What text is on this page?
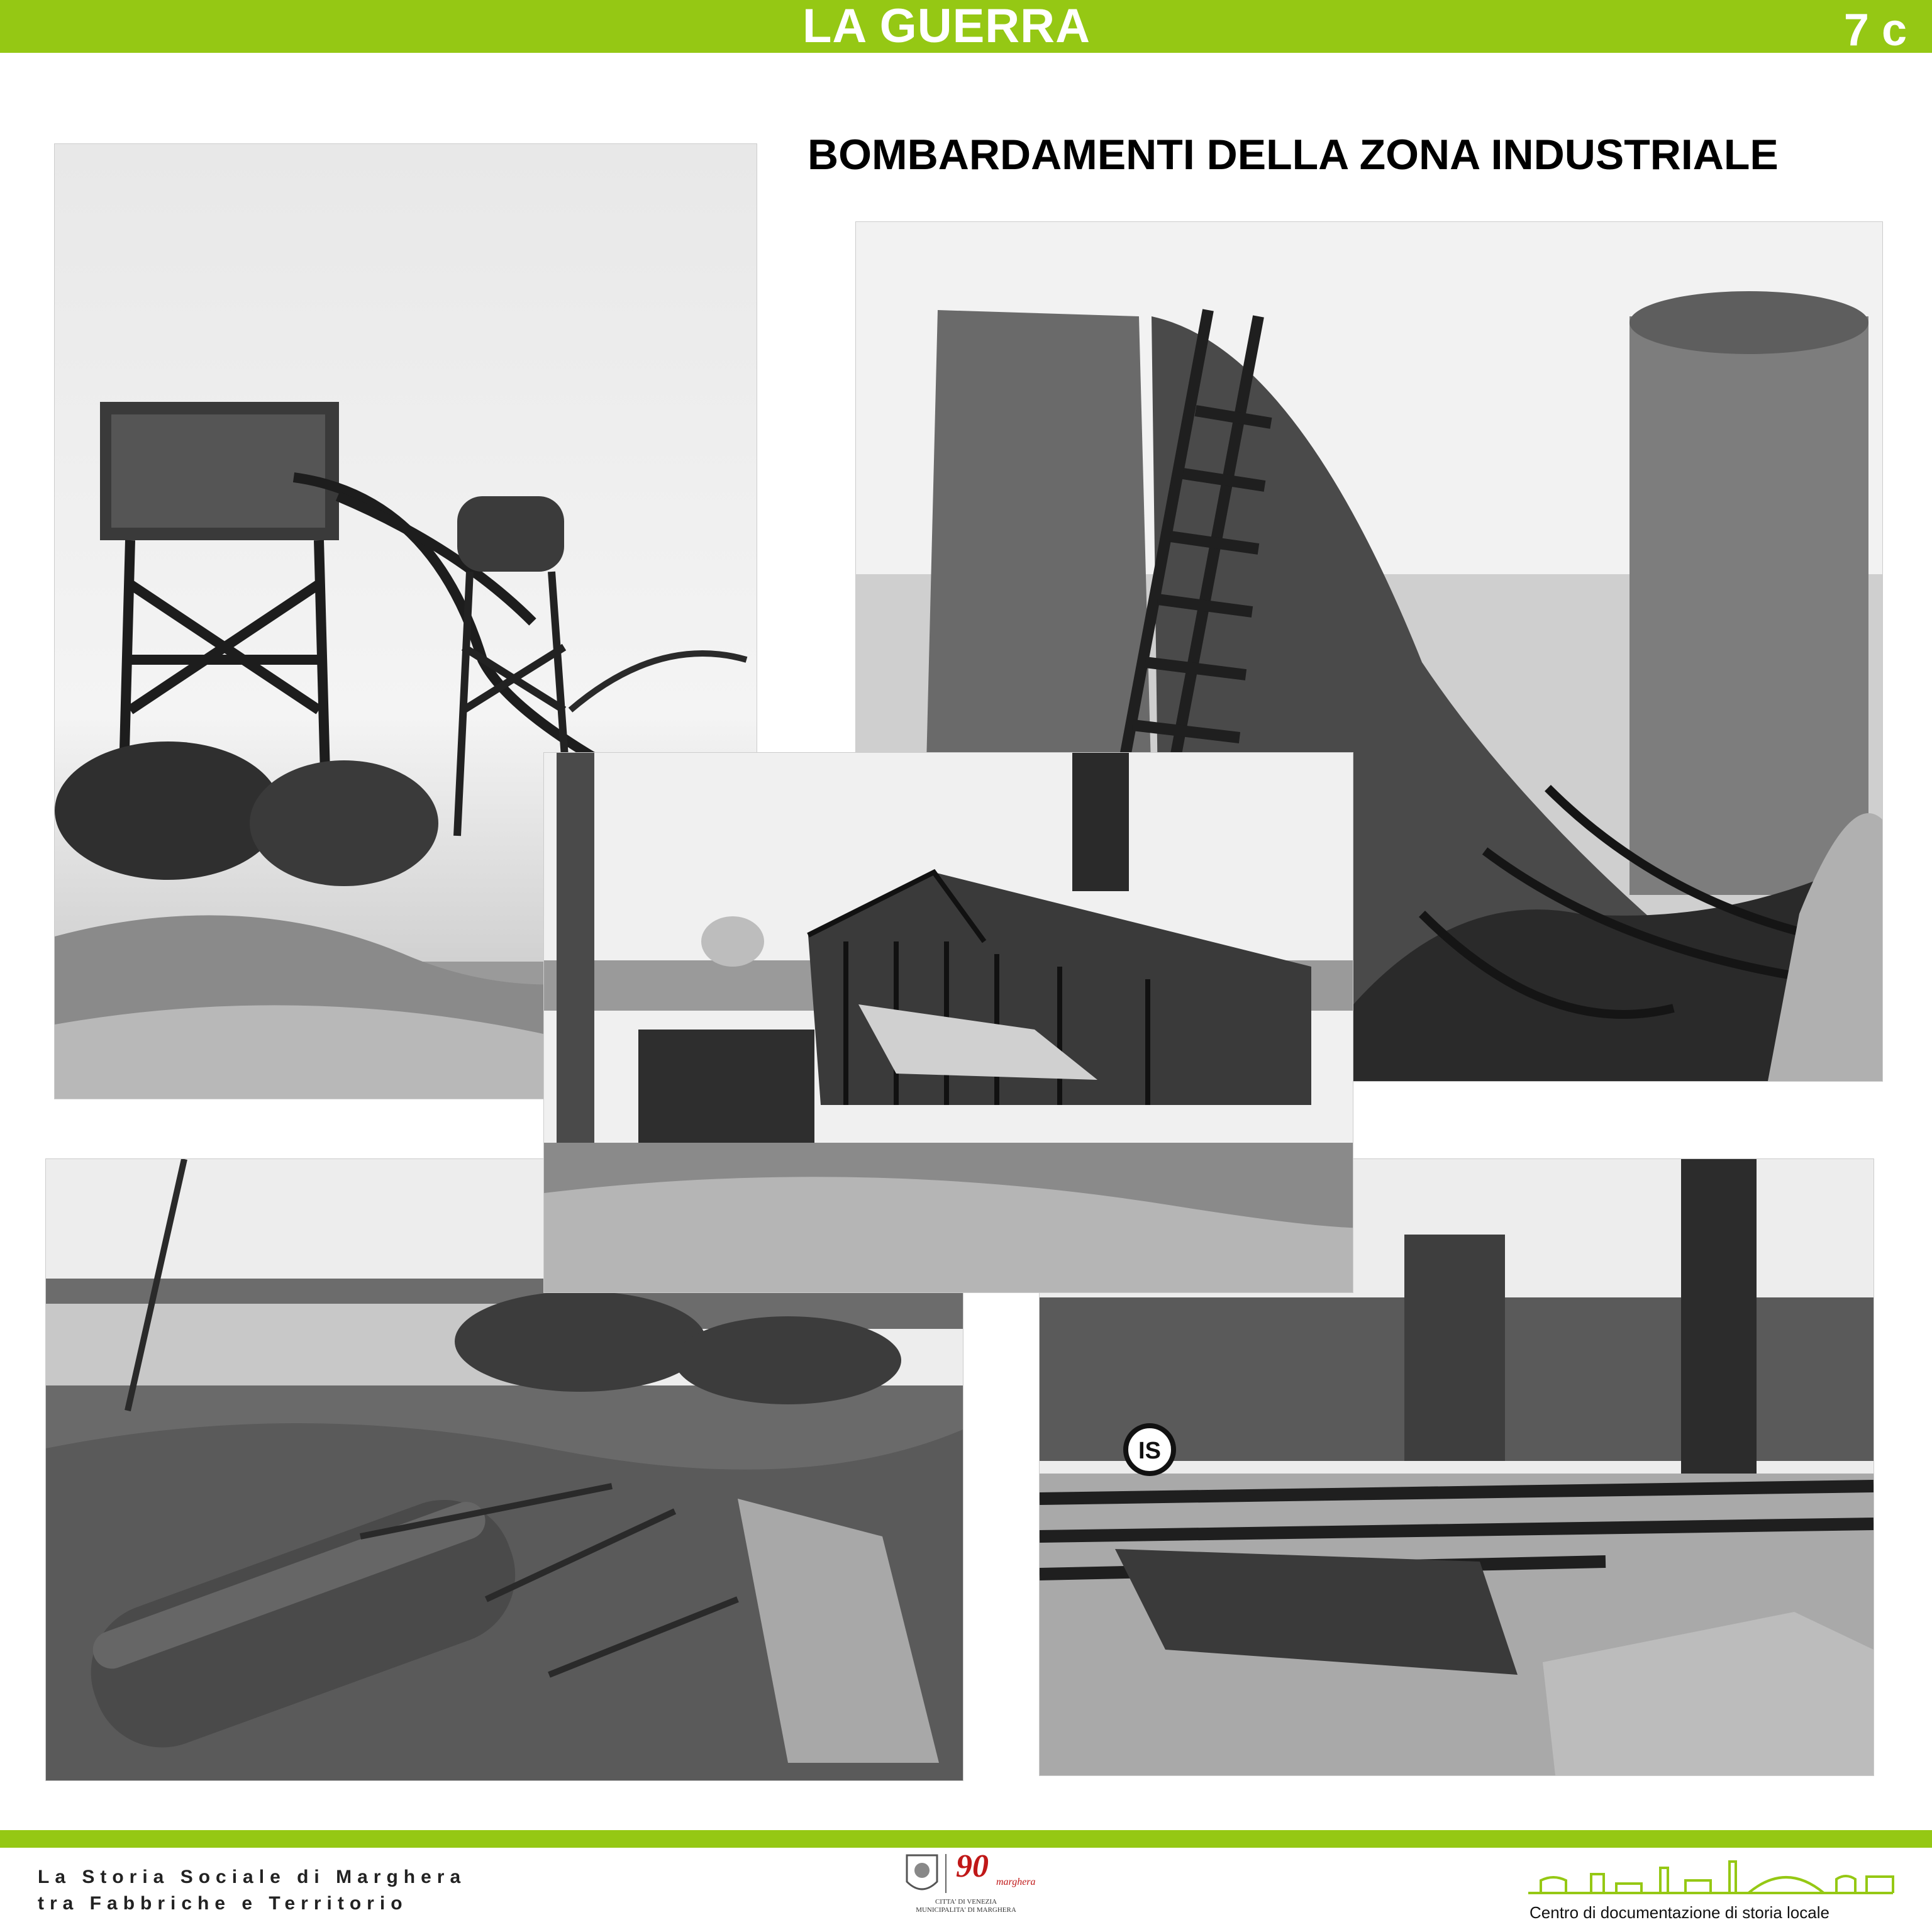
LA GUERRA	7 c
BOMBARDAMENTI DELLA ZONA INDUSTRIALE
IS
La Storia Sociale di Marghera
tra Fabbriche e Territorio
90 marghera
CITTA' DI VENEZIA
MUNICIPALITA' DI MARGHERA	Centro di documentazione di storia locale
